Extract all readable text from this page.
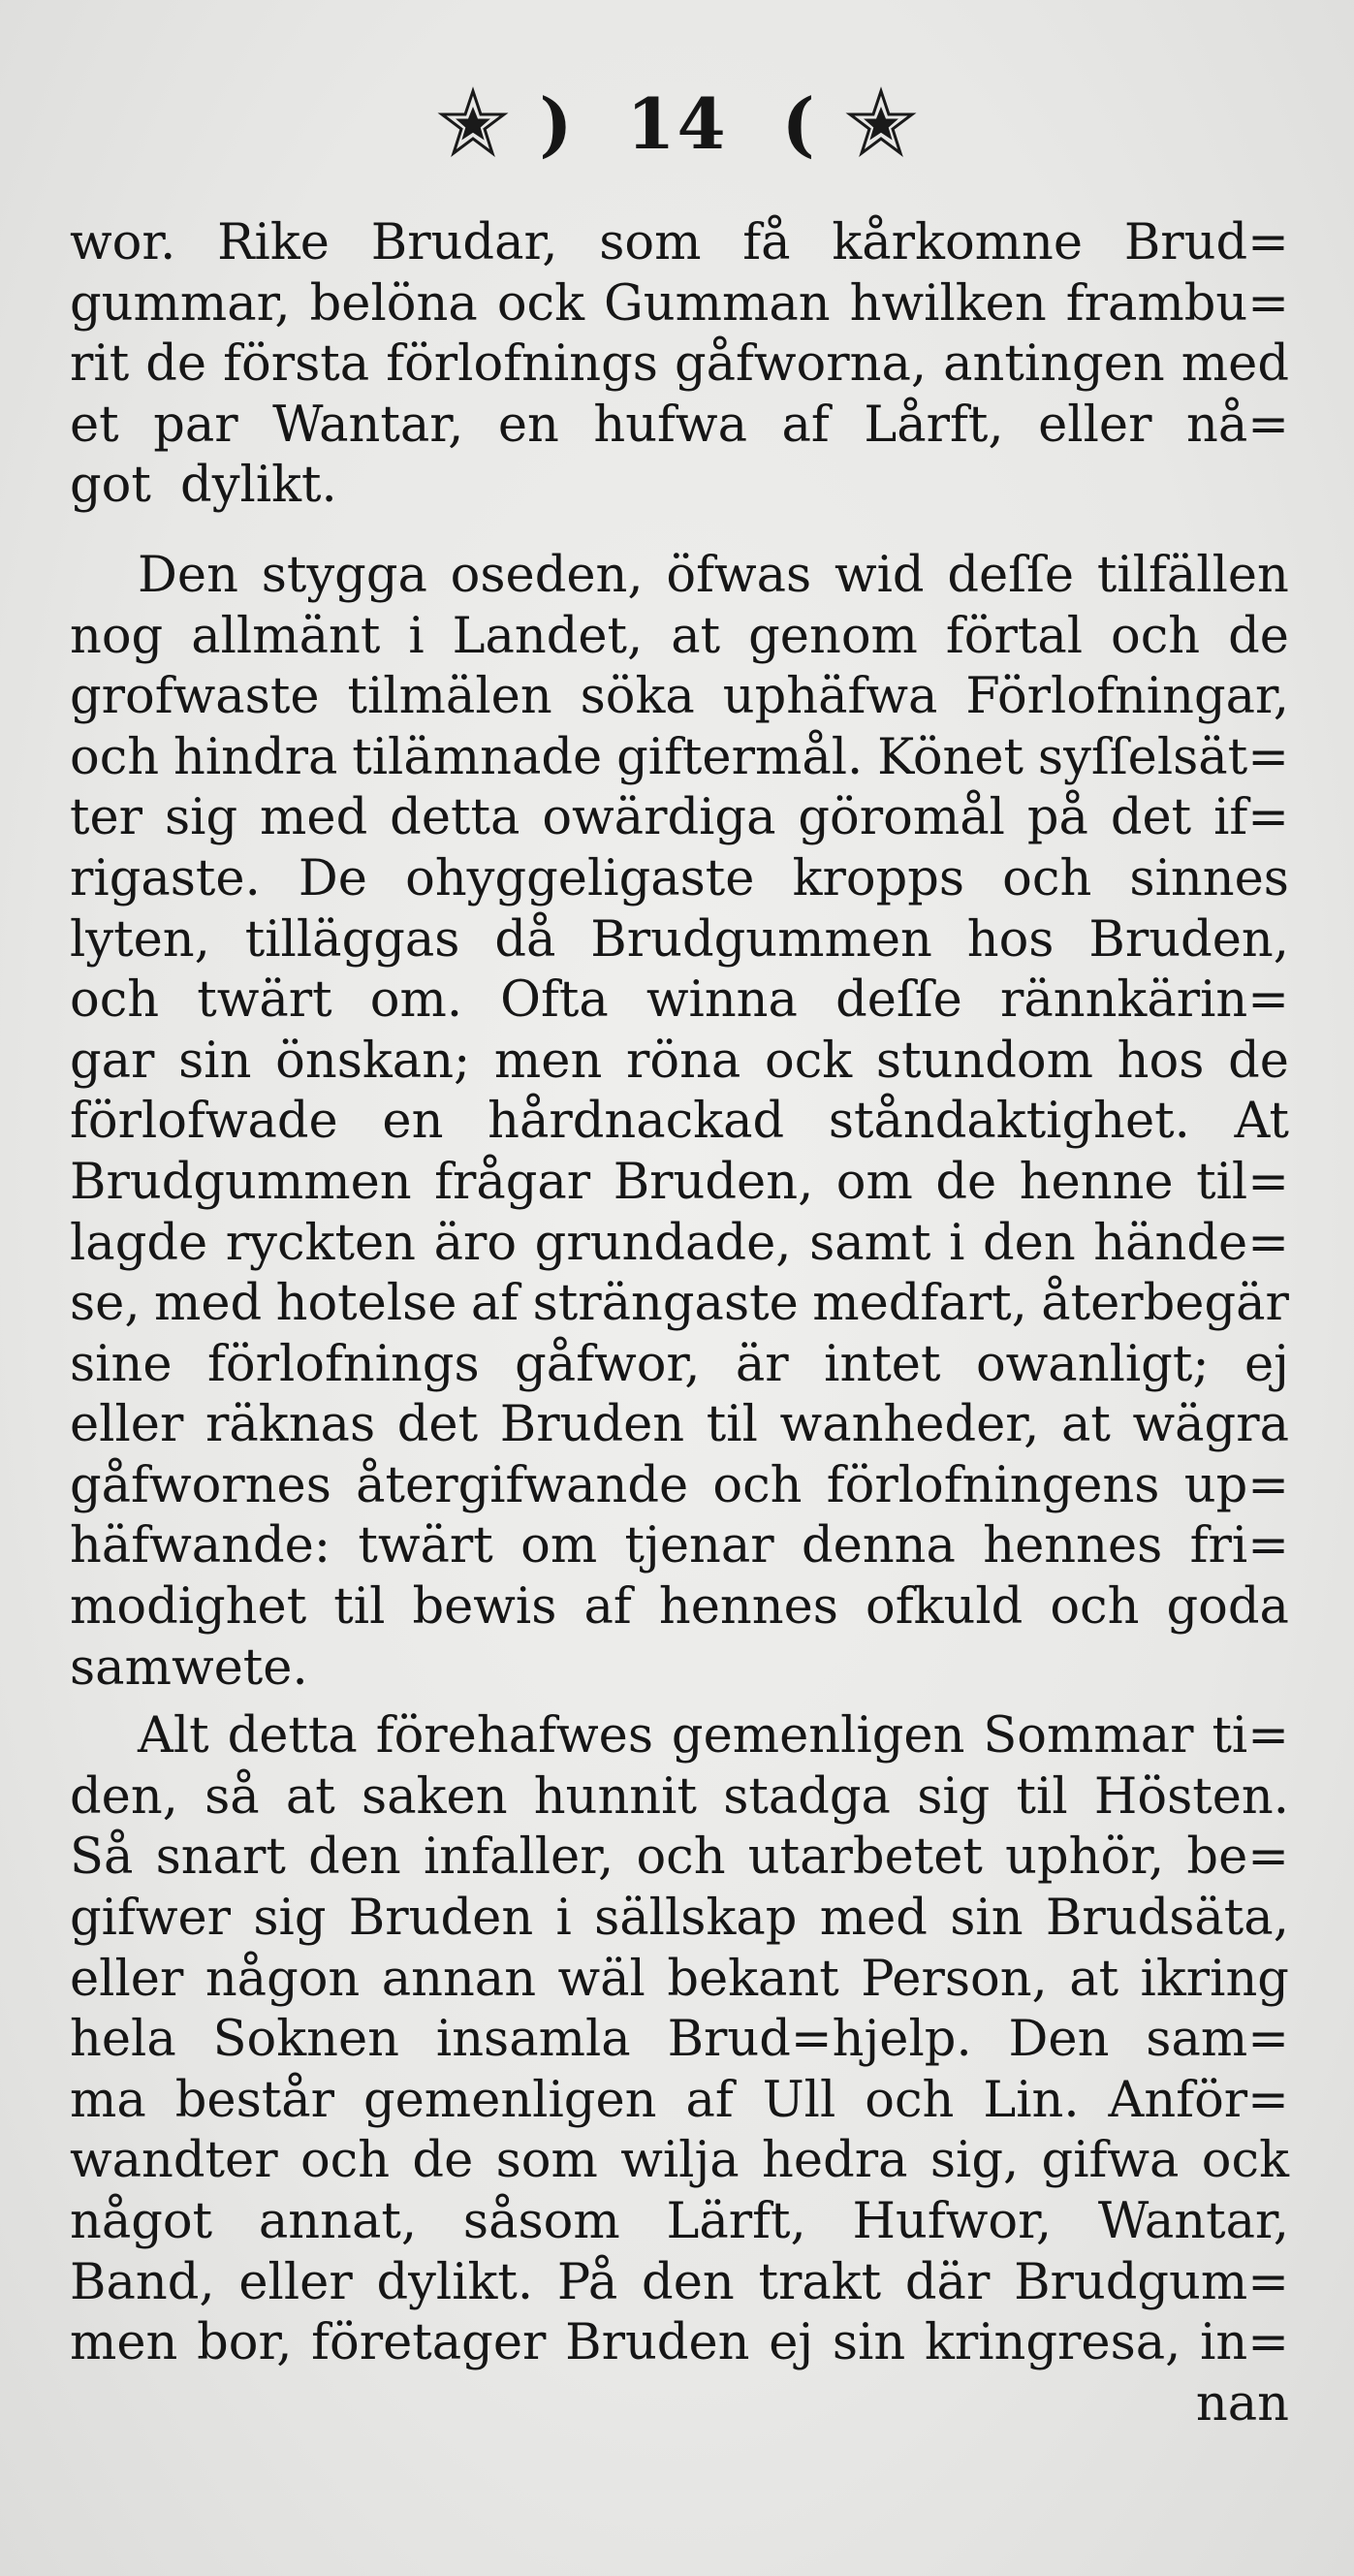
) 14 (
wor. Rike Brudar, som få kårkomne Brud=
gummar, belöna ock Gumman hwilken frambu=
rit de första förlofnings gåfworna, antingen med
et par Wantar, en hufwa af Lårft, eller nå=
got dylikt.
Den stygga oseden, öfwas wid deſſe tilfällen
nog allmänt i Landet, at genom förtal och de
grofwaste tilmälen söka uphäfwa Förlofningar,
och hindra tilämnade giftermål. Könet syſſelsät=
ter sig med detta owärdiga göromål på det if=
rigaste. De ohyggeligaste kropps och sinnes
lyten, tilläggas då Brudgummen hos Bruden,
och twärt om. Ofta winna deſſe rännkärin=
gar sin önskan; men röna ock stundom hos de
förlofwade en hårdnackad ståndaktighet. At
Brudgummen frågar Bruden, om de henne til=
lagde ryckten äro grundade, samt i den hände=
se, med hotelse af strängaste medfart, återbegär
sine förlofnings gåfwor, är intet owanligt; ej
eller räknas det Bruden til wanheder, at wägra
gåfwornes återgifwande och förlofningens up=
häfwande: twärt om tjenar denna hennes fri=
modighet til bewis af hennes ofkuld och goda
samwete.
Alt detta förehafwes gemenligen Sommar ti=
den, så at saken hunnit stadga sig til Hösten.
Så snart den infaller, och utarbetet uphör, be=
gifwer sig Bruden i sällskap med sin Brudsäta,
eller någon annan wäl bekant Person, at ikring
hela Soknen insamla Brud=hjelp. Den sam=
ma består gemenligen af Ull och Lin. Anför=
wandter och de som wilja hedra sig, gifwa ock
något annat, såsom Lärft, Hufwor, Wantar,
Band, eller dylikt. På den trakt där Brudgum=
men bor, företager Bruden ej sin kringresa, in=
nan
